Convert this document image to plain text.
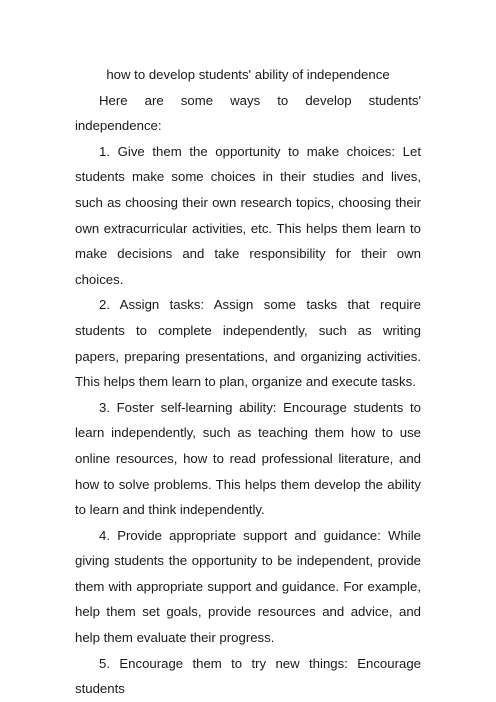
how to develop students' ability of independence

Here are some ways to develop students' independence:

1. Give them the opportunity to make choices: Let students make some choices in their studies and lives, such as choosing their own research topics, choosing their own extracurricular activities, etc. This helps them learn to make decisions and take responsibility for their own choices.

2. Assign tasks: Assign some tasks that require students to complete independently, such as writing papers, preparing presentations, and organizing activities. This helps them learn to plan, organize and execute tasks.

3. Foster self-learning ability: Encourage students to learn independently, such as teaching them how to use online resources, how to read professional literature, and how to solve problems. This helps them develop the ability to learn and think independently.

4. Provide appropriate support and guidance: While giving students the opportunity to be independent, provide them with appropriate support and guidance. For example, help them set goals, provide resources and advice, and help them evaluate their progress.

5. Encourage them to try new things: Encourage students
